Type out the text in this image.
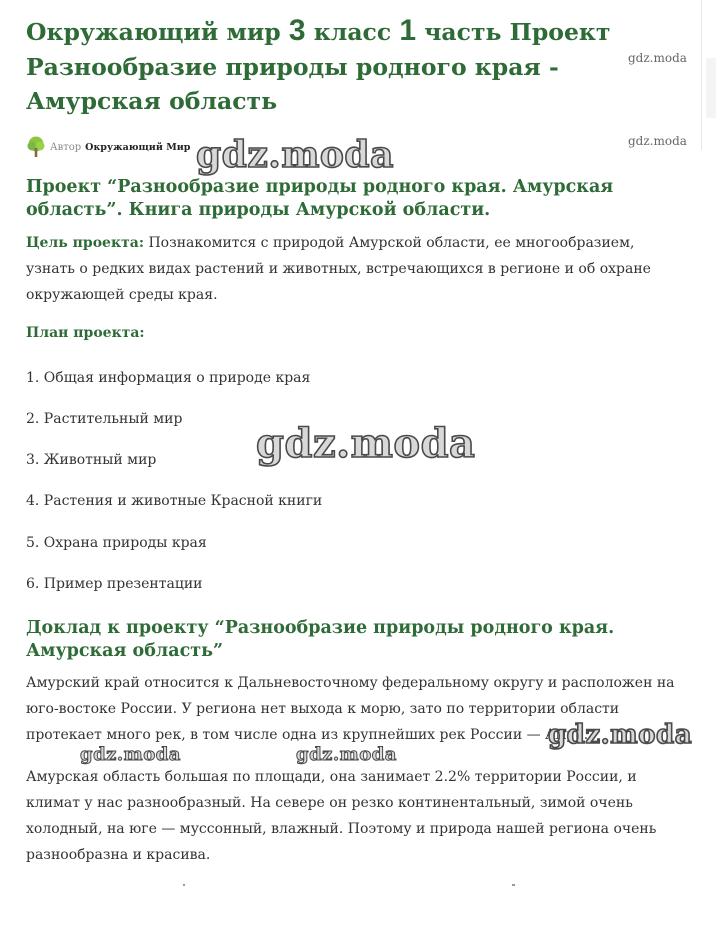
Окружающий мир 3 класс 1 часть Проект Разнообразие природы родного края - Амурская область
gdz.moda
gdz.moda
Автор Окружающий Мир gdz.moda
Проект “Разнообразие природы родного края. Амурская область”. Книга природы Амурской области.

Цель проекта: Познакомится с природой Амурской области, ее многообразием, узнать о редких видах растений и животных, встречающихся в регионе и об охране окружающей среды края.

План проекта:

1. Общая информация о природе края

2. Растительный мир

3. Животный мир

4. Растения и животные Красной книги

5. Охрана природы края

6. Пример презентации

gdz.moda
Доклад к проекту “Разнообразие природы родного края. Амурская область”

Амурский край относится к Дальневосточному федеральному округу и расположен на юго-востоке России. У региона нет выхода к морю, зато по территории области протекает много рек, в том числе одна из крупнейших рек России — Амур.

gdz.moda
gdz.moda	gdz.moda

Амурская область большая по площади, она занимает 2.2% территории России, и климат у нас разнообразный. На севере он резко континентальный, зимой очень холодный, на юге — муссонный, влажный. Поэтому и природа нашей региона очень разнообразна и красива.
